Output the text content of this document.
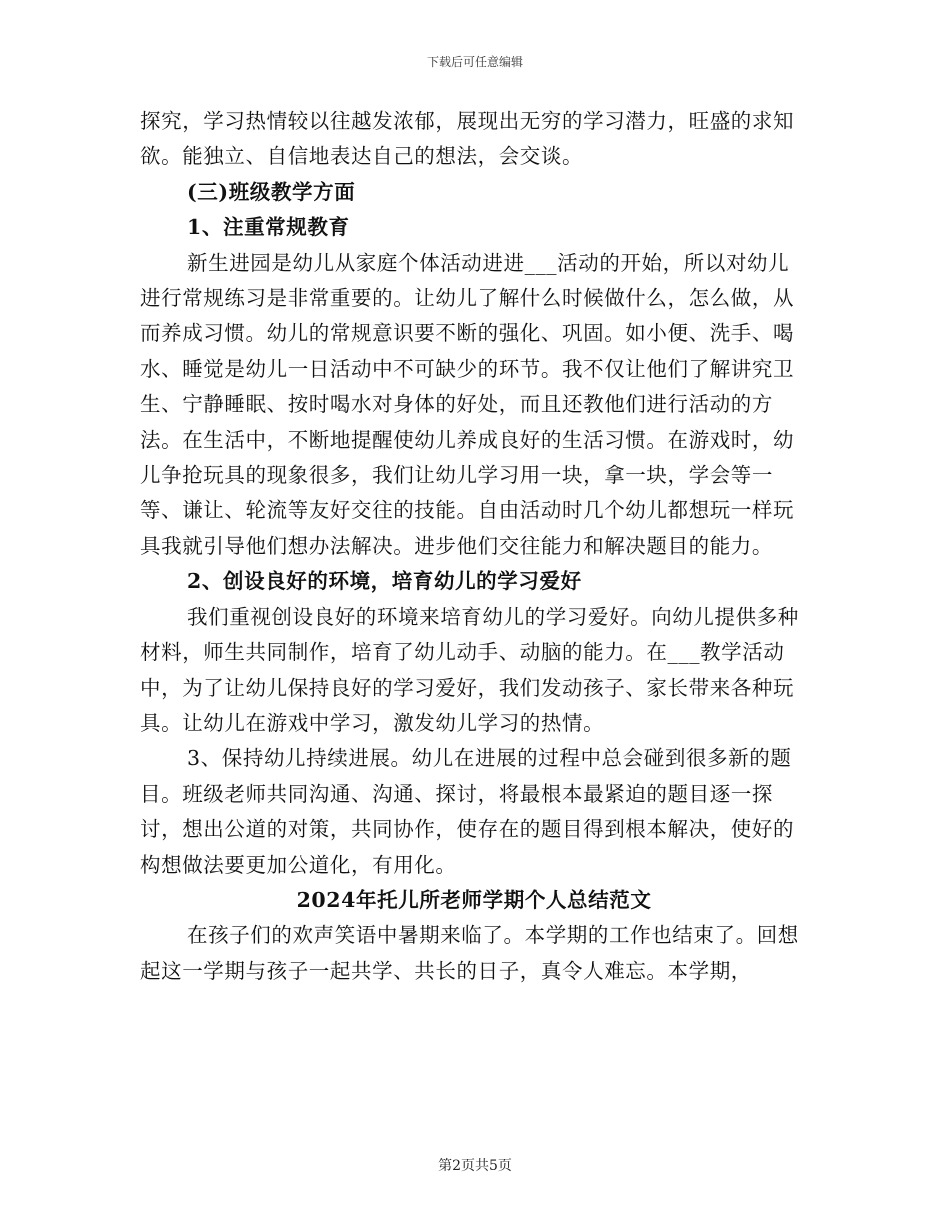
下载后可任意编辑

探究，学习热情较以往越发浓郁，展现出无穷的学习潜力，旺盛的求知欲。能独立、自信地表达自己的想法，会交谈。

(三)班级教学方面

1、注重常规教育

新生进园是幼儿从家庭个体活动进进___活动的开始，所以对幼儿进行常规练习是非常重要的。让幼儿了解什么时候做什么，怎么做，从而养成习惯。幼儿的常规意识要不断的强化、巩固。如小便、洗手、喝水、睡觉是幼儿一日活动中不可缺少的环节。我不仅让他们了解讲究卫生、宁静睡眠、按时喝水对身体的好处，而且还教他们进行活动的方法。在生活中，不断地提醒使幼儿养成良好的生活习惯。在游戏时，幼儿争抢玩具的现象很多，我们让幼儿学习用一块，拿一块，学会等一等、谦让、轮流等友好交往的技能。自由活动时几个幼儿都想玩一样玩具我就引导他们想办法解决。进步他们交往能力和解决题目的能力。

2、创设良好的环境，培育幼儿的学习爱好

我们重视创设良好的环境来培育幼儿的学习爱好。向幼儿提供多种材料，师生共同制作，培育了幼儿动手、动脑的能力。在___教学活动中，为了让幼儿保持良好的学习爱好，我们发动孩子、家长带来各种玩具。让幼儿在游戏中学习，激发幼儿学习的热情。

3、保持幼儿持续进展。幼儿在进展的过程中总会碰到很多新的题目。班级老师共同沟通、沟通、探讨，将最根本最紧迫的题目逐一探讨，想出公道的对策，共同协作，使存在的题目得到根本解决，使好的构想做法要更加公道化，有用化。

2024年托儿所老师学期个人总结范文

在孩子们的欢声笑语中暑期来临了。本学期的工作也结束了。回想起这一学期与孩子一起共学、共长的日子，真令人难忘。本学期，

第2页共5页
